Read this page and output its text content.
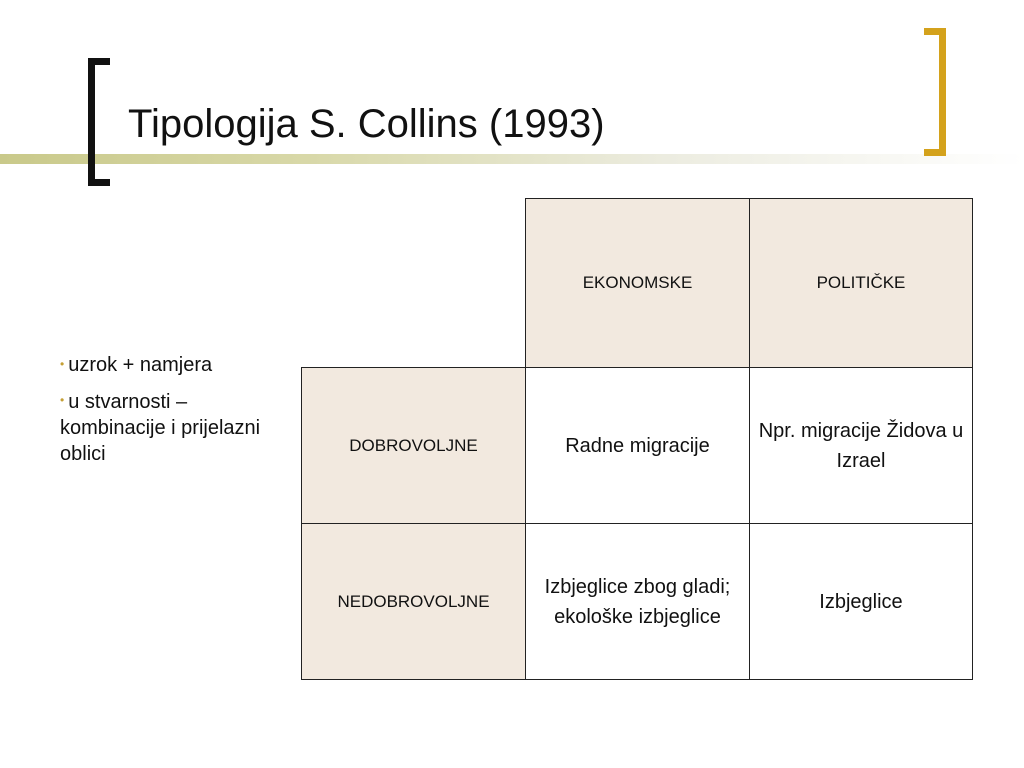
Tipologija S. Collins (1993)
• uzrok + namjera
• u stvarnosti – kombinacije i prijelazni oblici
EKONOMSKE	POLITIČKE
DOBROVOLJNE	Radne migracije
Npr. migracije Židova u Izrael
NEDOBROVOLJNE
Izbjeglice zbog gladi; ekološke izbjeglice
Izbjeglice
